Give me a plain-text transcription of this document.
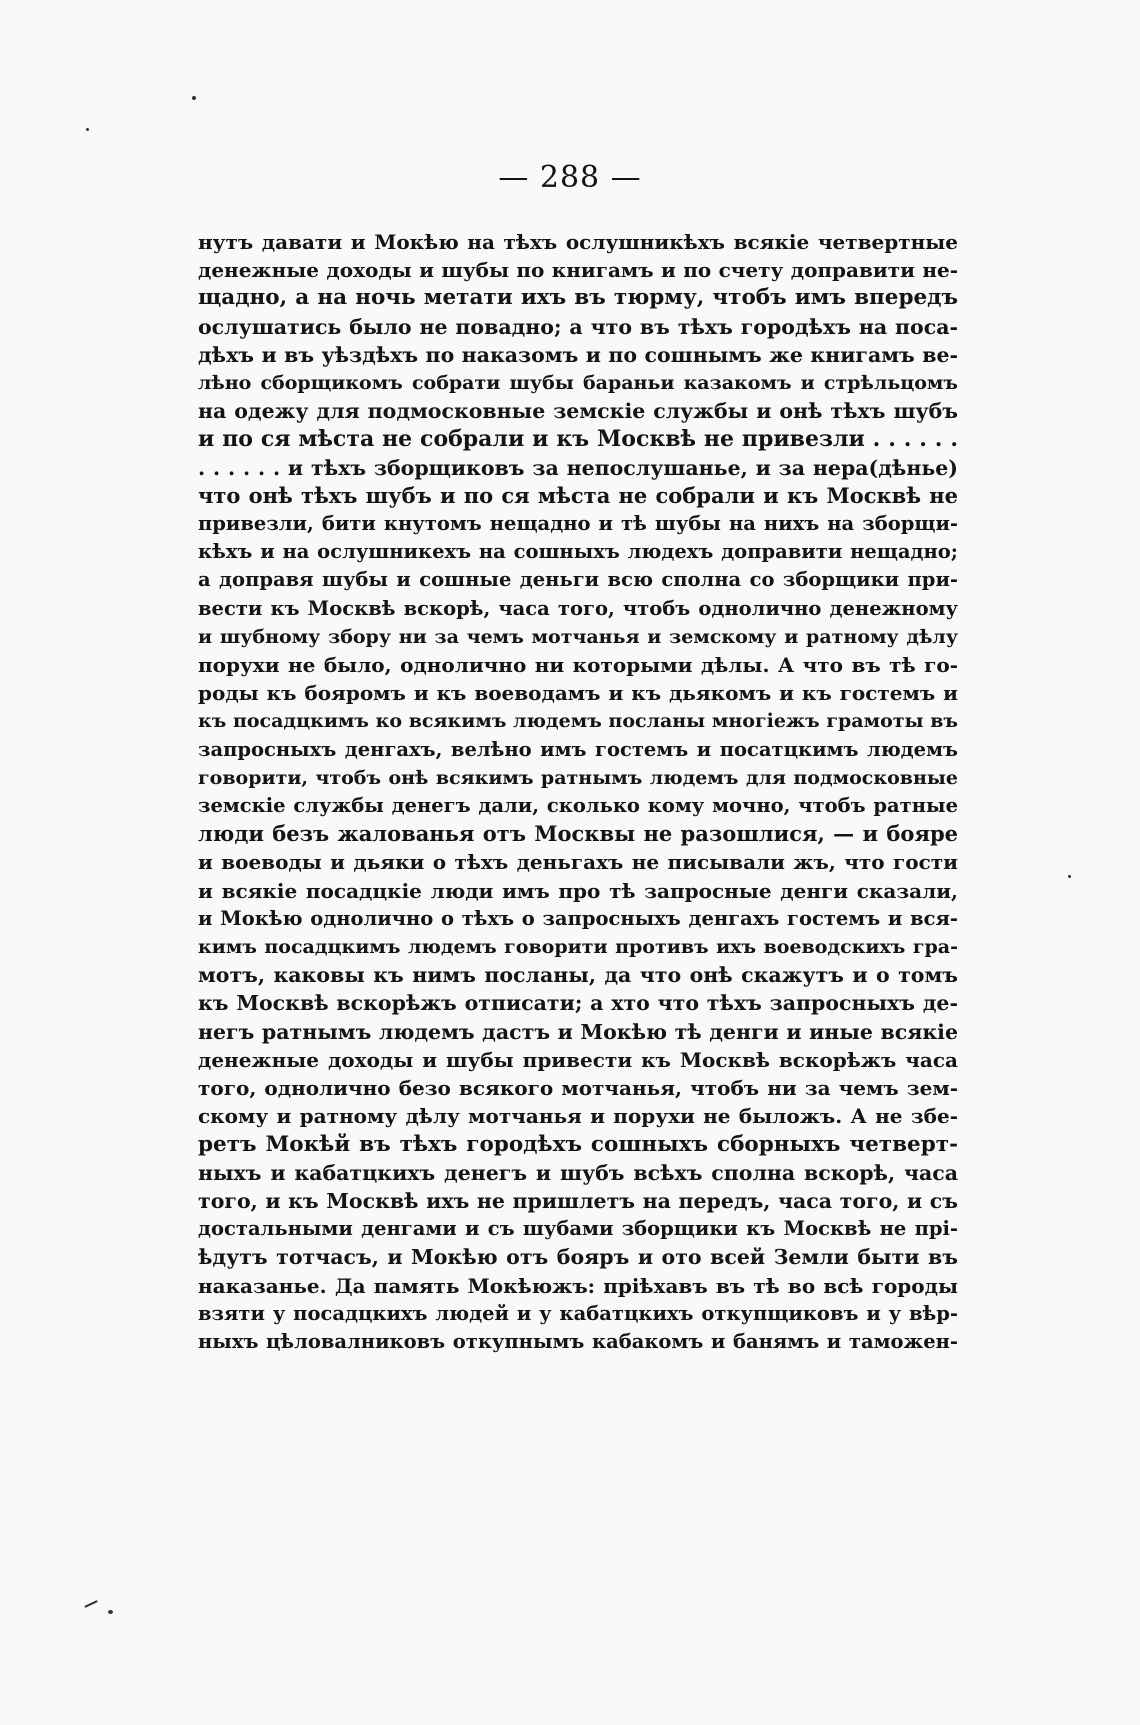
— 288 —
нутъ давати и Мокѣю на тѣхъ ослушникѣхъ всякіе четвертные
денежные доходы и шубы по книгамъ и по счету доправити не-
щадно, а на ночь метати ихъ въ тюрму, чтобъ имъ впередъ
ослушатись было не повадно; а что въ тѣхъ городѣхъ на поса-
дѣхъ и въ уѣздѣхъ по наказомъ и по сошнымъ же книгамъ ве-
лѣно сборщикомъ собрати шубы бараньи казакомъ и стрѣльцомъ
на одежу для подмосковные земскіе службы и онѣ тѣхъ шубъ
и по ся мѣста не собрали и къ Москвѣ не привезли . . . . . .
. . . . . . и тѣхъ зборщиковъ за непослушанье, и за нера(дѣнье)
что онѣ тѣхъ шубъ и по ся мѣста не собрали и къ Москвѣ не
привезли, бити кнутомъ нещадно и тѣ шубы на нихъ на зборщи-
кѣхъ и на ослушникехъ на сошныхъ людехъ доправити нещадно;
а доправя шубы и сошные деньги всю сполна со зборщики при-
вести къ Москвѣ вскорѣ, часа того, чтобъ однолично денежному
и шубному збору ни за чемъ мотчанья и земскому и ратному дѣлу
порухи не было, однолично ни которыми дѣлы. А что въ тѣ го-
роды къ бояромъ и къ воеводамъ и къ дьякомъ и къ гостемъ и
къ посадцкимъ ко всякимъ людемъ посланы многіежъ грамоты въ
запросныхъ денгахъ, велѣно имъ гостемъ и посатцкимъ людемъ
говорити, чтобъ онѣ всякимъ ратнымъ людемъ для подмосковные
земскіе службы денегъ дали, сколько кому мочно, чтобъ ратные
люди безъ жалованья отъ Москвы не разошлися, — и бояре
и воеводы и дьяки о тѣхъ деньгахъ не писывали жъ, что гости
и всякіе посадцкіе люди имъ про тѣ запросные денги сказали,
и Мокѣю однолично о тѣхъ о запросныхъ денгахъ гостемъ и вся-
кимъ посадцкимъ людемъ говорити противъ ихъ воеводскихъ гра-
мотъ, каковы къ нимъ посланы, да что онѣ скажутъ и о томъ
къ Москвѣ вскорѣжъ отписати; а хто что тѣхъ запросныхъ де-
негъ ратнымъ людемъ дастъ и Мокѣю тѣ денги и иные всякіе
денежные доходы и шубы привести къ Москвѣ вскорѣжъ часа
того, однолично безо всякого мотчанья, чтобъ ни за чемъ зем-
скому и ратному дѣлу мотчанья и порухи не быложъ. А не збе-
ретъ Мокѣй въ тѣхъ городѣхъ сошныхъ сборныхъ четверт-
ныхъ и кабатцкихъ денегъ и шубъ всѣхъ сполна вскорѣ, часа
того, и къ Москвѣ ихъ не пришлетъ на передъ, часа того, и съ
достальными денгами и съ шубами зборщики къ Москвѣ не прі-
ѣдутъ тотчасъ, и Мокѣю отъ бояръ и ото всей Земли быти въ
наказанье. Да память Мокѣюжъ: пріѣхавъ въ тѣ во всѣ городы
взяти у посадцкихъ людей и у кабатцкихъ откупщиковъ и у вѣр-
ныхъ цѣловалниковъ откупнымъ кабакомъ и банямъ и таможен-
